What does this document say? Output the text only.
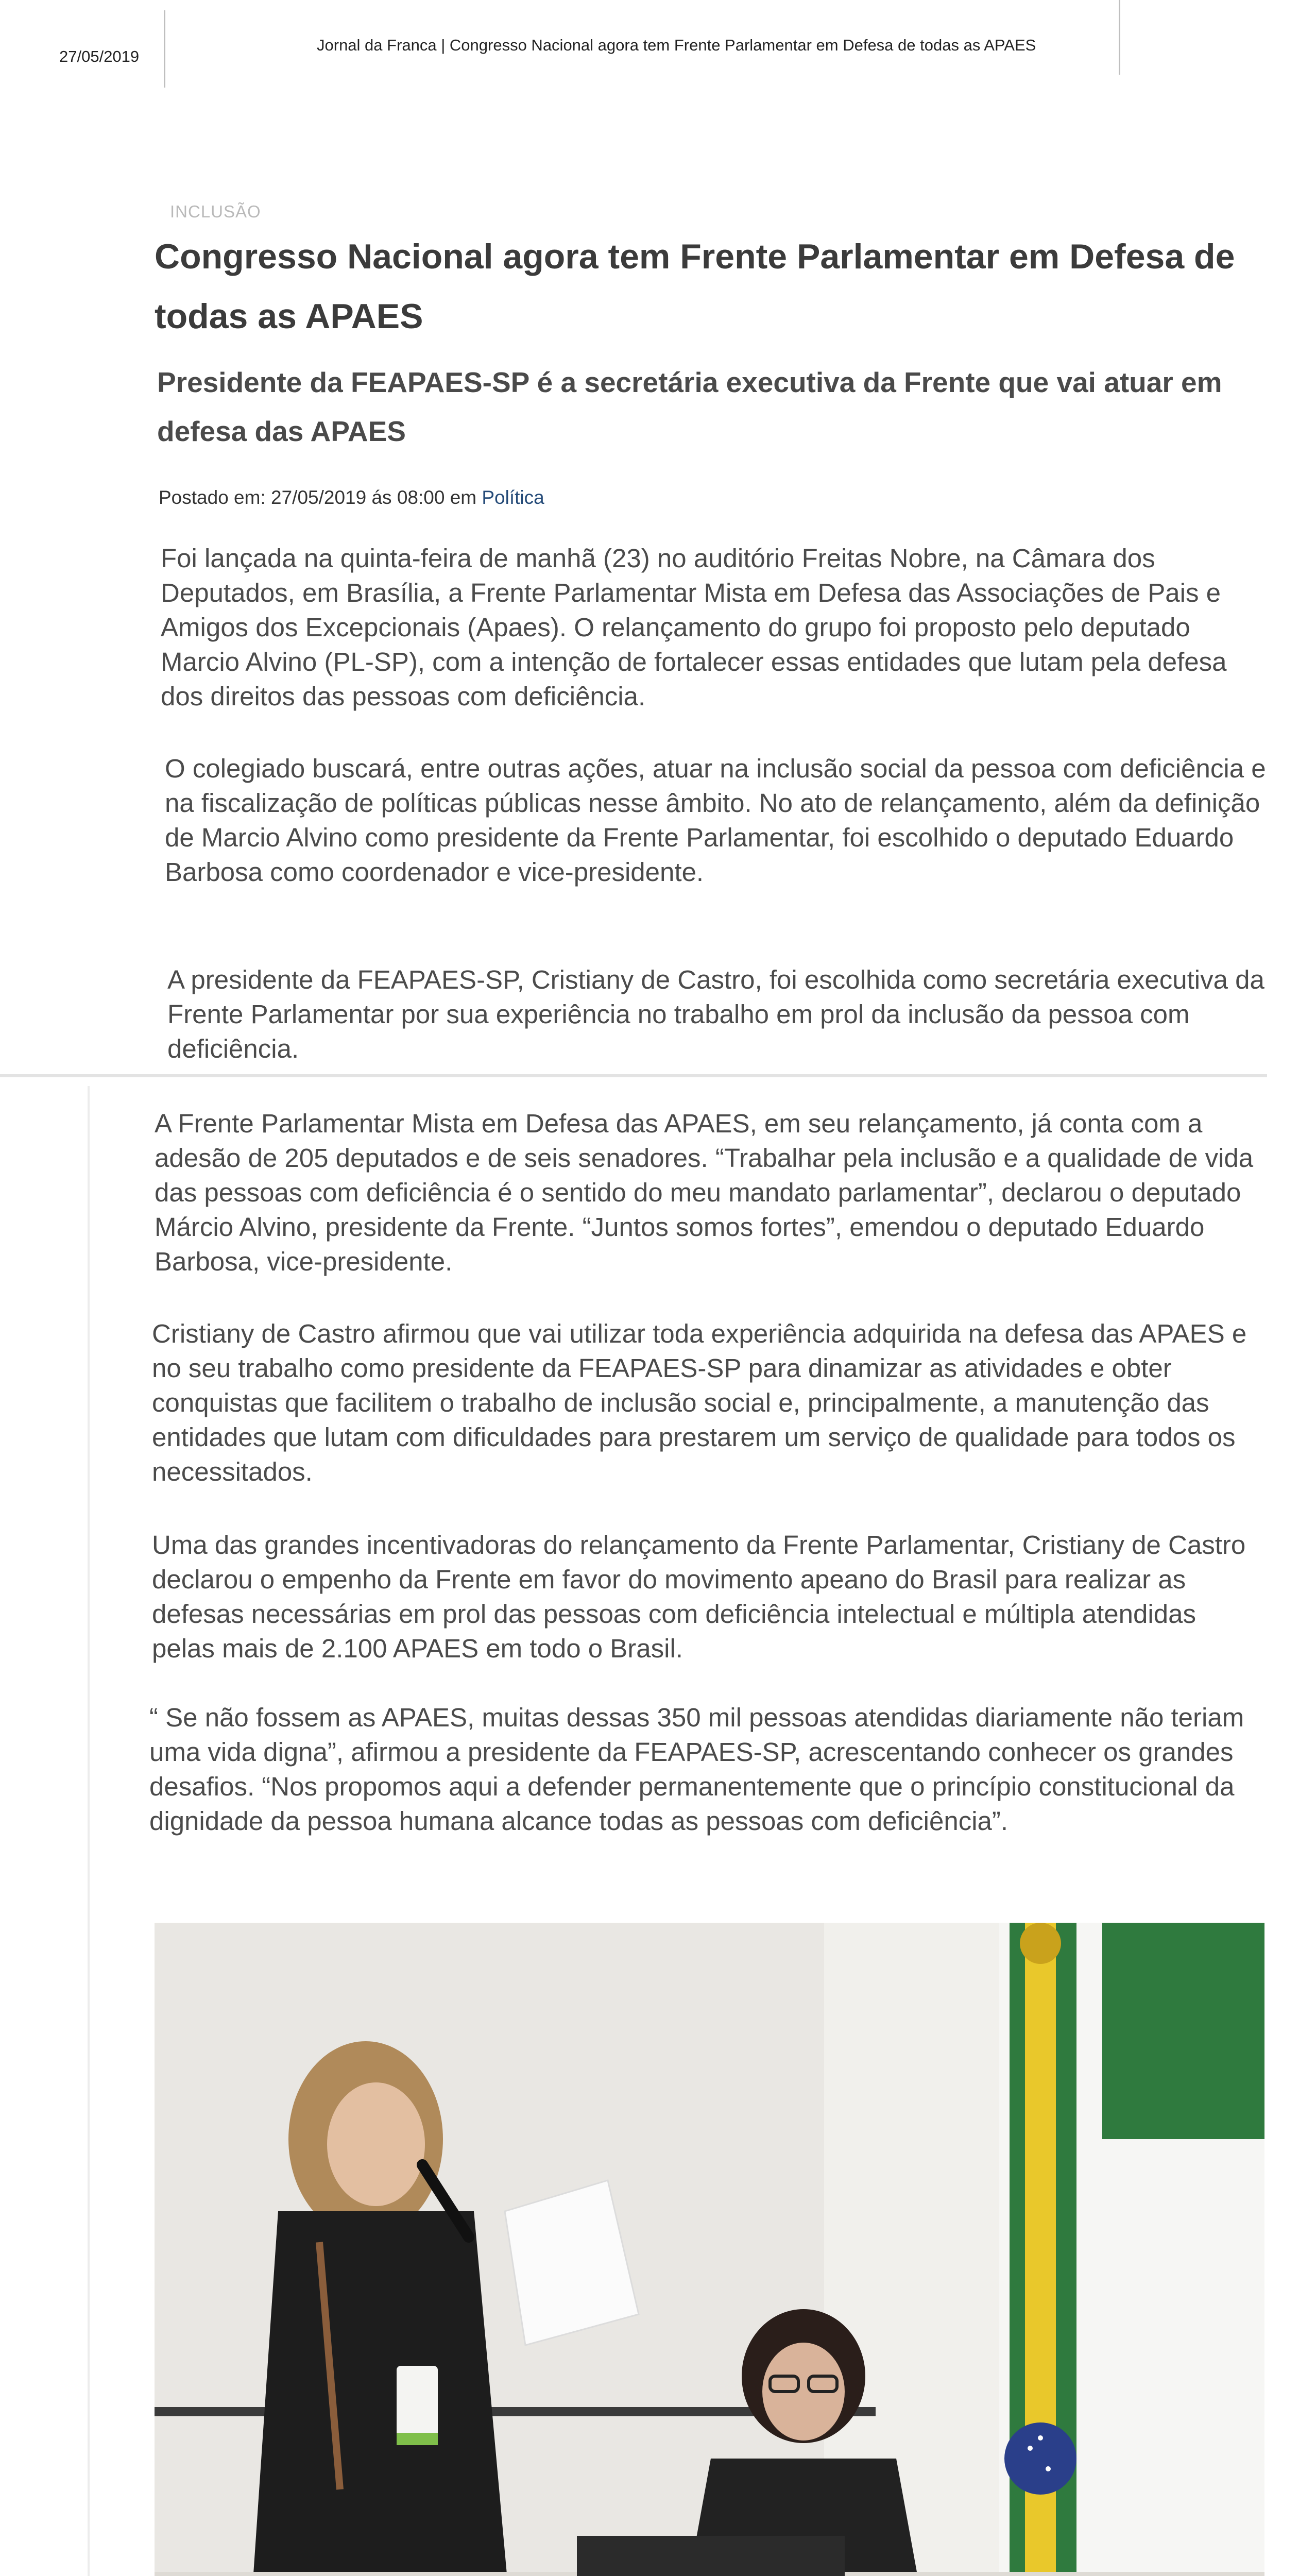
27/05/2019
Jornal da Franca | Congresso Nacional agora tem Frente Parlamentar em Defesa de todas as APAES
INCLUSÃO
Congresso Nacional agora tem Frente Parlamentar em Defesa de todas as APAES
Presidente da FEAPAES-SP é a secretária executiva da Frente que vai atuar em defesa das APAES
Postado em: 27/05/2019 ás 08:00 em Política

Foi lançada na quinta-feira de manhã (23) no auditório Freitas Nobre, na Câmara dos Deputados, em Brasília, a Frente Parlamentar Mista em Defesa das Associações de Pais e Amigos dos Excepcionais (Apaes). O relançamento do grupo foi proposto pelo deputado Marcio Alvino (PL-SP), com a intenção de fortalecer essas entidades que lutam pela defesa dos direitos das pessoas com deficiência.

O colegiado buscará, entre outras ações, atuar na inclusão social da pessoa com deficiência e na fiscalização de políticas públicas nesse âmbito. No ato de relançamento, além da definição de Marcio Alvino como presidente da Frente Parlamentar, foi escolhido o deputado Eduardo Barbosa como coordenador e vice-presidente.

A presidente da FEAPAES-SP, Cristiany de Castro, foi escolhida como secretária executiva da Frente Parlamentar por sua experiência no trabalho em prol da inclusão da pessoa com deficiência.

A Frente Parlamentar Mista em Defesa das APAES, em seu relançamento, já conta com a adesão de 205 deputados e de seis senadores. “Trabalhar pela inclusão e a qualidade de vida das pessoas com deficiência é o sentido do meu mandato parlamentar”, declarou o deputado Márcio Alvino, presidente da Frente. “Juntos somos fortes”, emendou o deputado Eduardo Barbosa, vice-presidente.

Cristiany de Castro afirmou que vai utilizar toda experiência adquirida na defesa das APAES e no seu trabalho como presidente da FEAPAES-SP para dinamizar as atividades e obter conquistas que facilitem o trabalho de inclusão social e, principalmente, a manutenção das entidades que lutam com dificuldades para prestarem um serviço de qualidade para todos os necessitados.

Uma das grandes incentivadoras do relançamento da Frente Parlamentar, Cristiany de Castro declarou o empenho da Frente em favor do movimento apeano do Brasil para realizar as defesas necessárias em prol das pessoas com deficiência intelectual e múltipla atendidas pelas mais de 2.100 APAES em todo o Brasil.

“ Se não fossem as APAES, muitas dessas 350 mil pessoas atendidas diariamente não teriam uma vida digna”, afirmou a presidente da FEAPAES-SP, acrescentando conhecer os grandes desafios. “Nos propomos aqui a defender permanentemente que o princípio constitucional da dignidade da pessoa humana alcance todas as pessoas com deficiência”.
